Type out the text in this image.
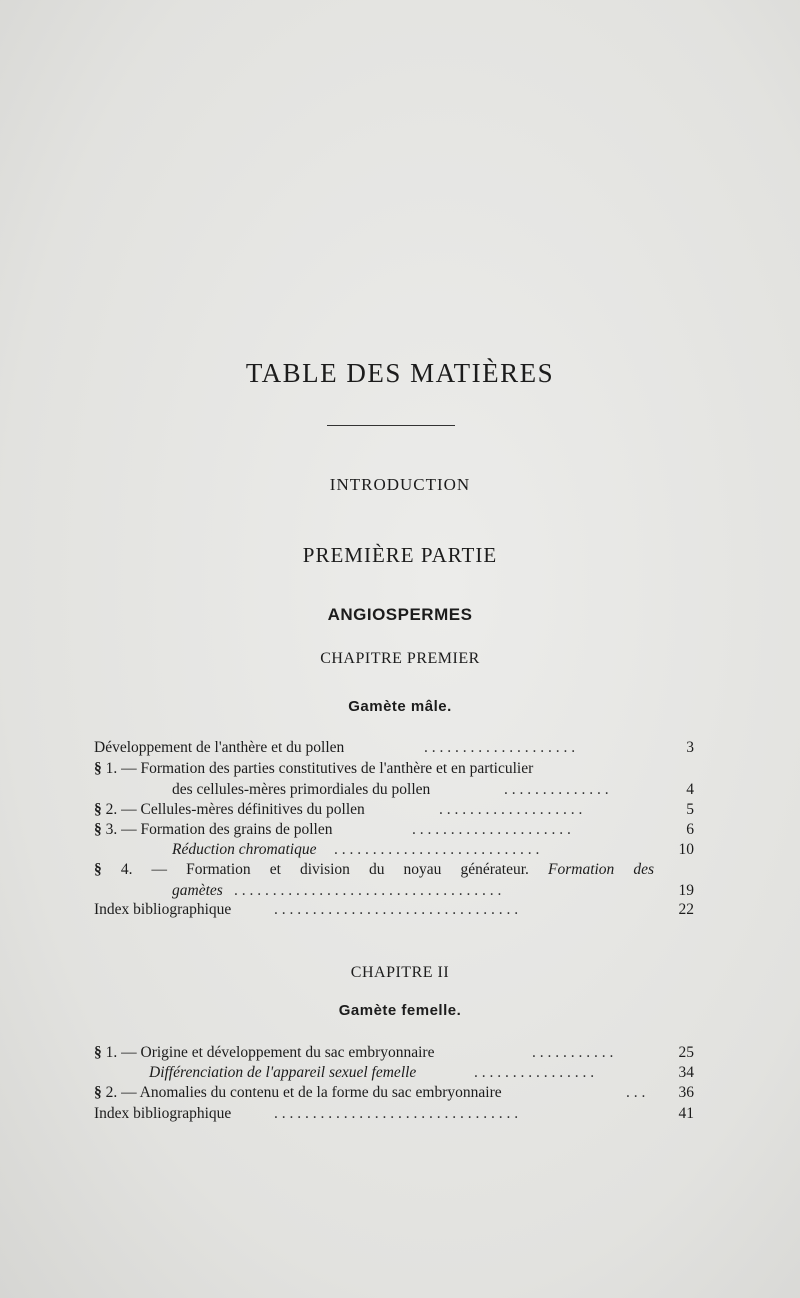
TABLE DES MATIÈRES
INTRODUCTION
PREMIÈRE PARTIE
ANGIOSPERMES
CHAPITRE PREMIER
Gamète mâle.
Développement de l'anthère et du pollen	. . . . . . . . . . . . . . . . . . . .	3
§ 1. — Formation des parties constitutives de l'anthère et en particulier
des cellules-mères primordiales du pollen	. . . . . . . . . . . . . .	4
§ 2. — Cellules-mères définitives du pollen	. . . . . . . . . . . . . . . . . . .	5
§ 3. — Formation des grains de pollen	. . . . . . . . . . . . . . . . . . . . .	6
Réduction chromatique . . . . . . . . . . . . . . . . . . . . . . . . . . .	10
§ 4. — Formation et division du noyau générateur. Formation des
gamètes . . . . . . . . . . . . . . . . . . . . . . . . . . . . . . . . . . .	19
Index bibliographique	. . . . . . . . . . . . . . . . . . . . . . . . . . . . . . . .	22
CHAPITRE II
Gamète femelle.
§ 1. — Origine et développement du sac embryonnaire	. . . . . . . . . . .	25
Différenciation de l'appareil sexuel femelle	. . . . . . . . . . . . . . . .	34
§ 2. — Anomalies du contenu et de la forme du sac embryonnaire	. . .	36
Index bibliographique	. . . . . . . . . . . . . . . . . . . . . . . . . . . . . . . .	41
